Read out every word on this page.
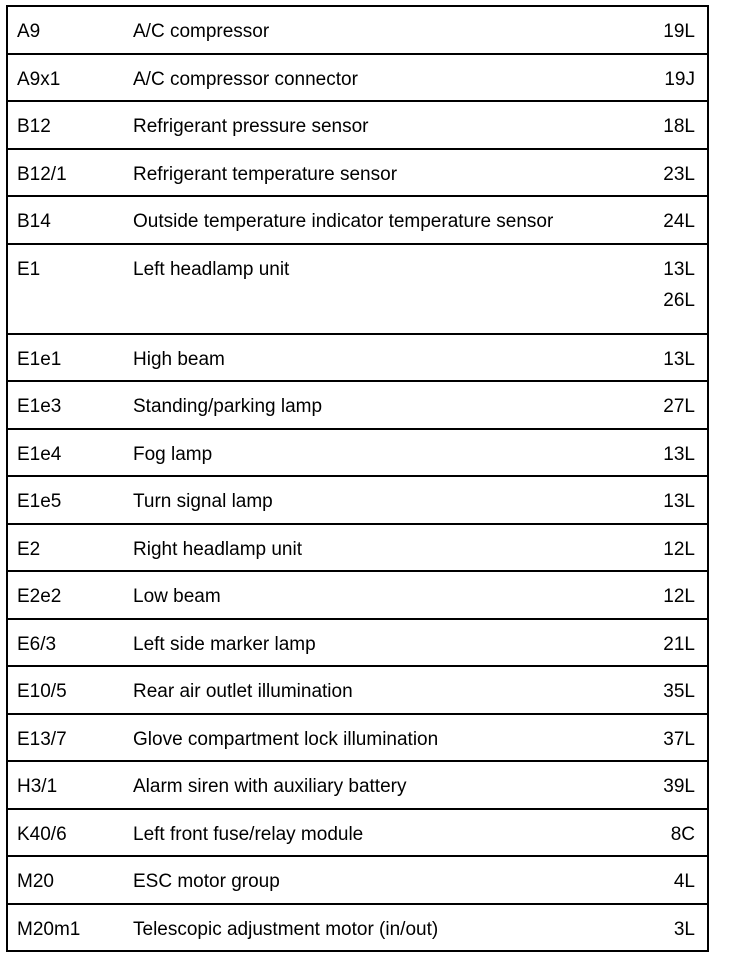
A9	A/C compressor	19L
A9x1	A/C compressor connector	19J
B12	Refrigerant pressure sensor	18L
B12/1	Refrigerant temperature sensor	23L
B14	Outside temperature indicator temperature sensor	24L
E1	Left headlamp unit	13L
26L
E1e1	High beam	13L
E1e3	Standing/parking lamp	27L
E1e4	Fog lamp	13L
E1e5	Turn signal lamp	13L
E2	Right headlamp unit	12L
E2e2	Low beam	12L
E6/3	Left side marker lamp	21L
E10/5	Rear air outlet illumination	35L
E13/7	Glove compartment lock illumination	37L
H3/1	Alarm siren with auxiliary battery	39L
K40/6	Left front fuse/relay module	8C
M20	ESC motor group	4L
M20m1	Telescopic adjustment motor (in/out)	3L
